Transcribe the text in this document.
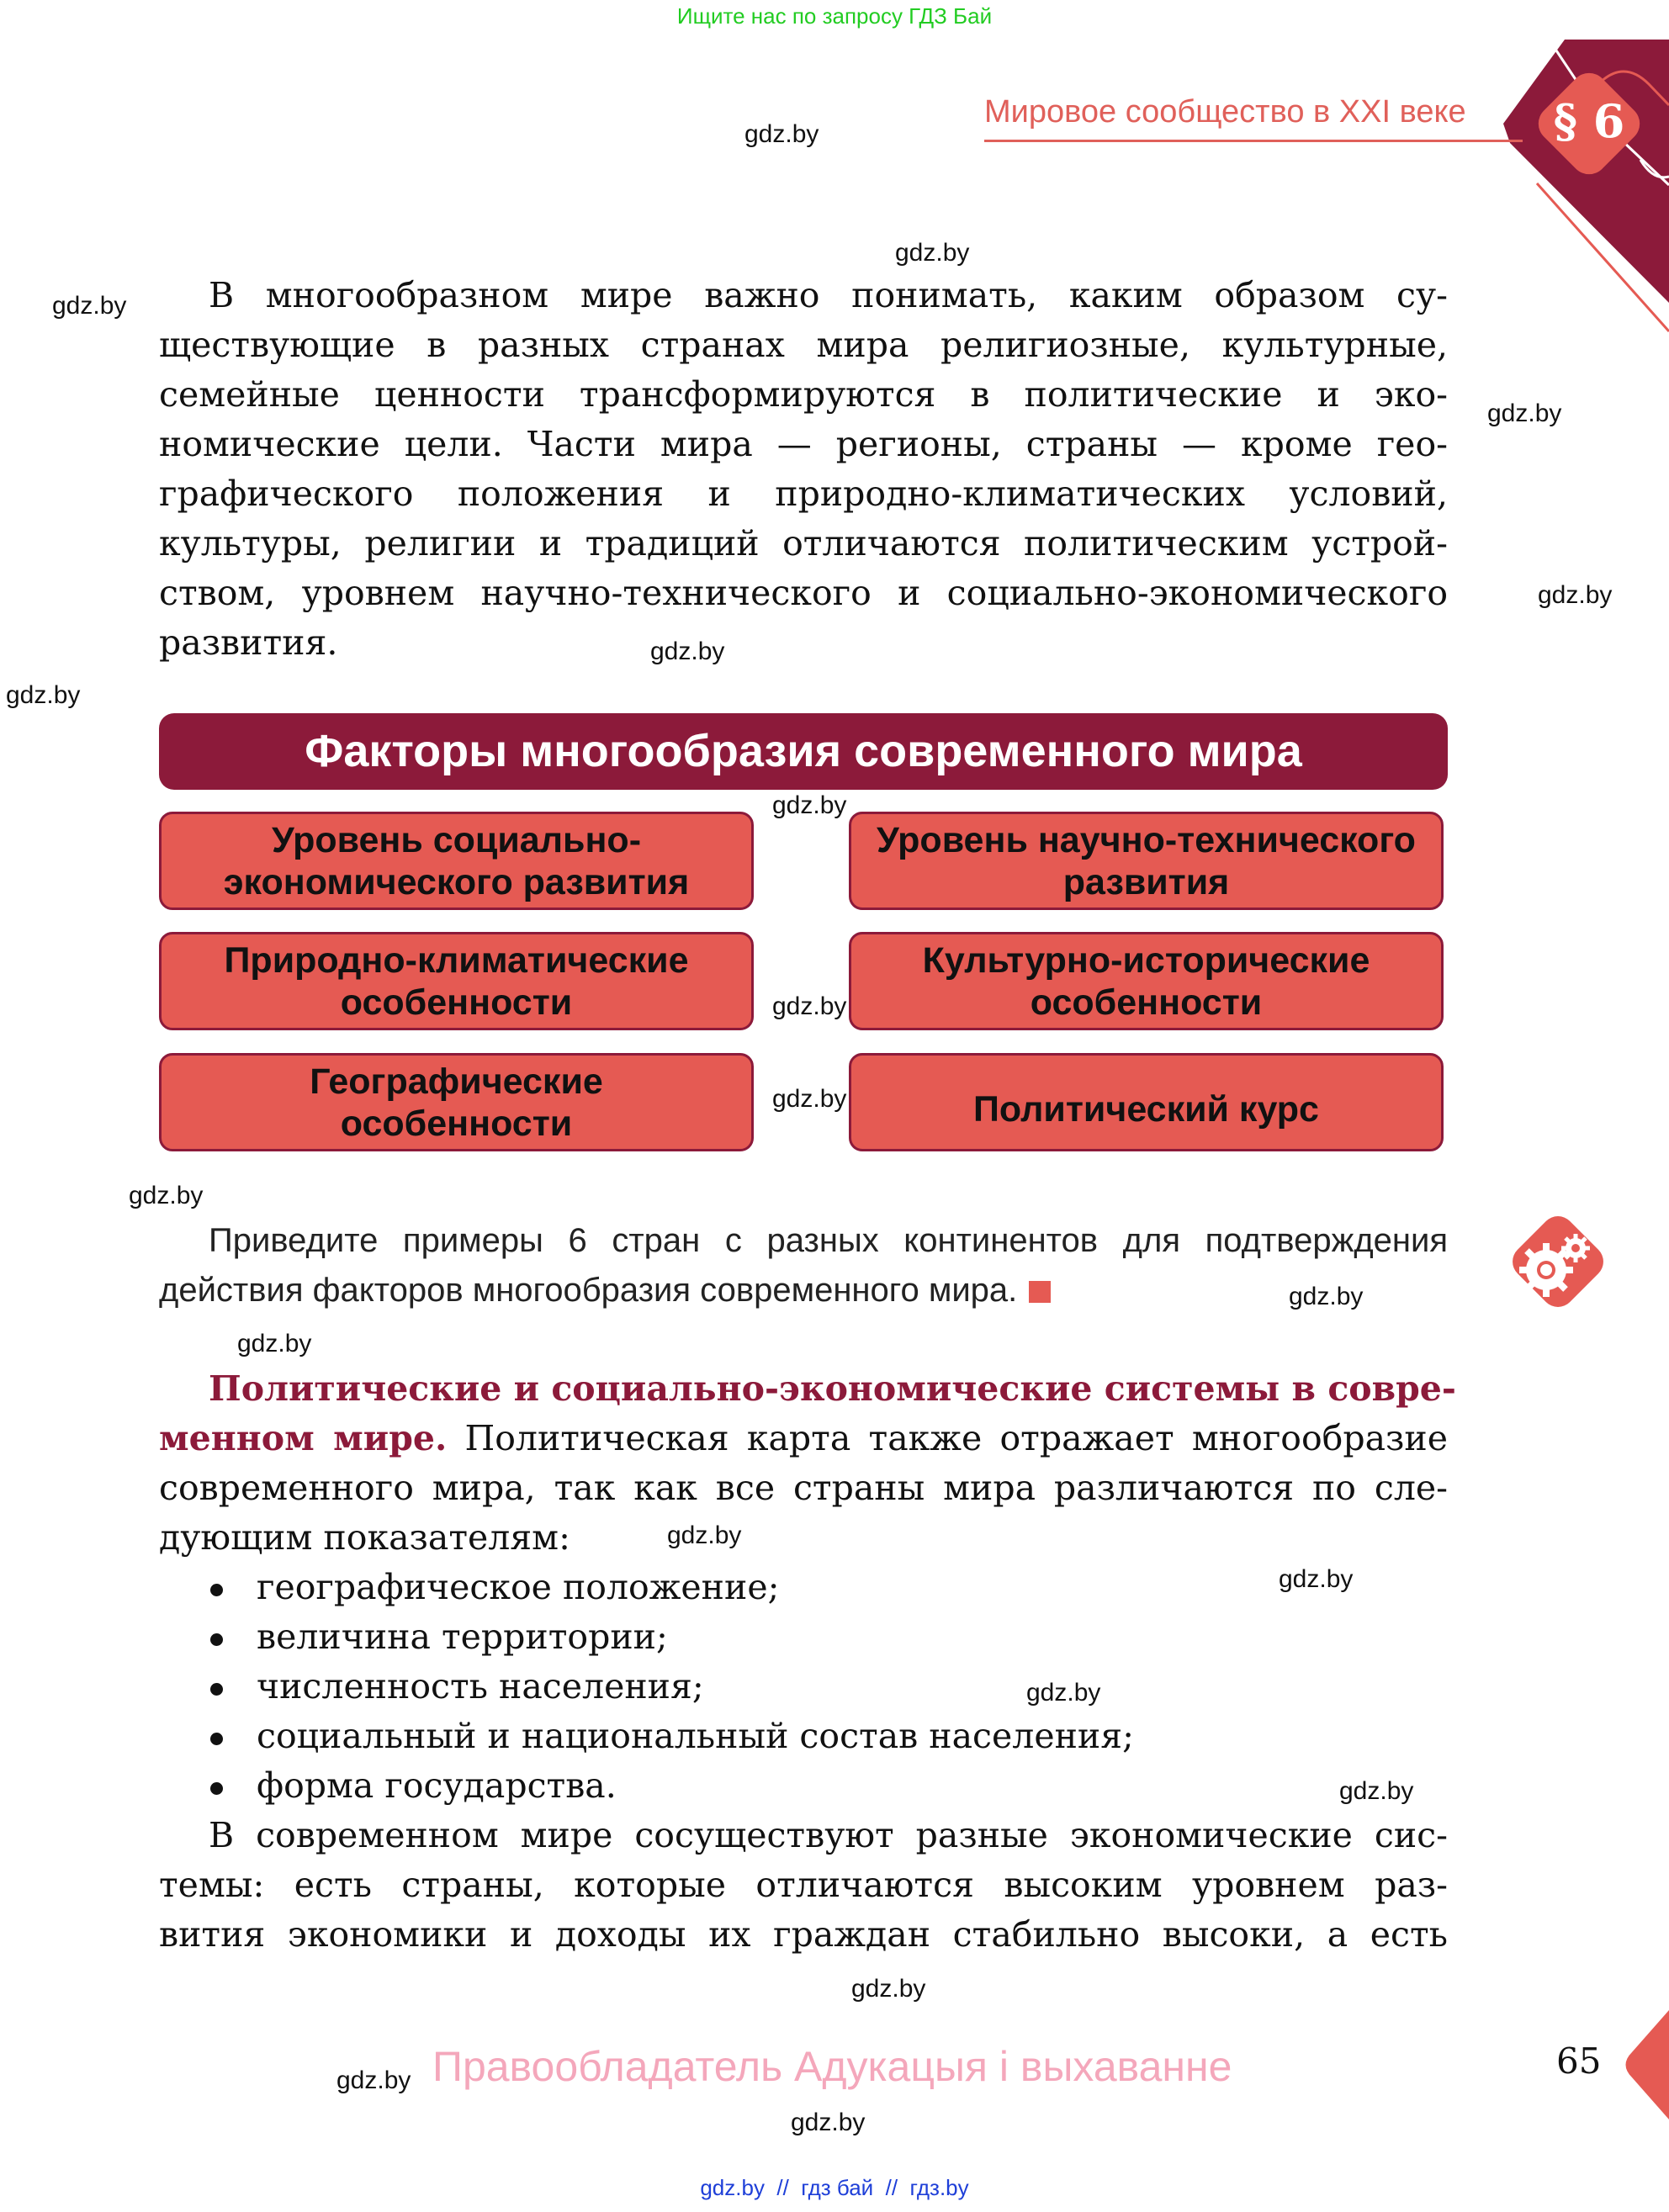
Ищите нас по запросу ГДЗ Бай
Мировое сообщество в XXI веке	§ 6
В многообразном мире важно понимать, каким образом су-
ществующие в разных странах мира религиозные, культурные,
семейные ценности трансформируются в политические и эко-
номические цели. Части мира — регионы, страны — кроме гео-
графического положения и природно-климатических условий,
культуры, религии и традиций отличаются политическим устрой-
ством, уровнем научно-технического и социально-экономического
развития.
Факторы многообразия современного мира
Уровень социально-экономического развития
Уровень научно-технического развития
Природно-климатические особенности
Культурно-исторические особенности
Географические особенности	Политический курс
Приведите примеры 6 стран с разных континентов для подтверждения
действия факторов многообразия современного мира.
Политические и социально-экономические системы в совре-
менном мире. Политическая карта также отражает многообразие
современного мира, так как все страны мира различаются по сле-
дующим показателям:
географическое положение;
величина территории;
численность населения;
социальный и национальный состав населения;
форма государства.
В современном мире сосуществуют разные экономические сис-
темы: есть страны, которые отличаются высоким уровнем раз-
вития экономики и доходы их граждан стабильно высоки, а есть
gdz.by
gdz.by
gdz.by
gdz.by
gdz.by
gdz.by
gdz.by
gdz.by
gdz.by
gdz.by
gdz.by
gdz.by
gdz.by
gdz.by
gdz.by
gdz.by
gdz.by
gdz.by
gdz.by
gdz.by
Правообладатель Адукацыя і выхаванне	65
gdz.by  //  гдз бай  //  гдз.by
